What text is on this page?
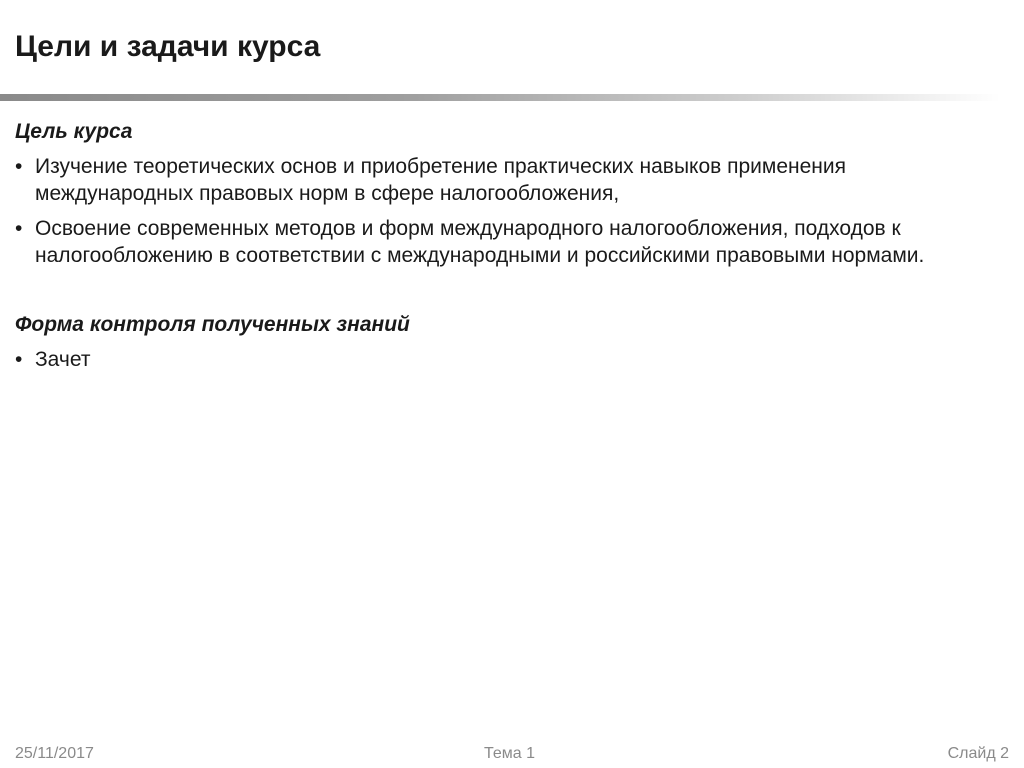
Цели и задачи курса
Цель курса
• Изучение теоретических основ и приобретение практических навыков применения международных правовых норм в сфере налогообложения,
• Освоение современных методов и форм международного налогообложения, подходов к налогообложению в соответствии с международными и российскими правовыми нормами.
Форма контроля полученных знаний
• Зачет
25/11/2017	Тема 1	Слайд 2
